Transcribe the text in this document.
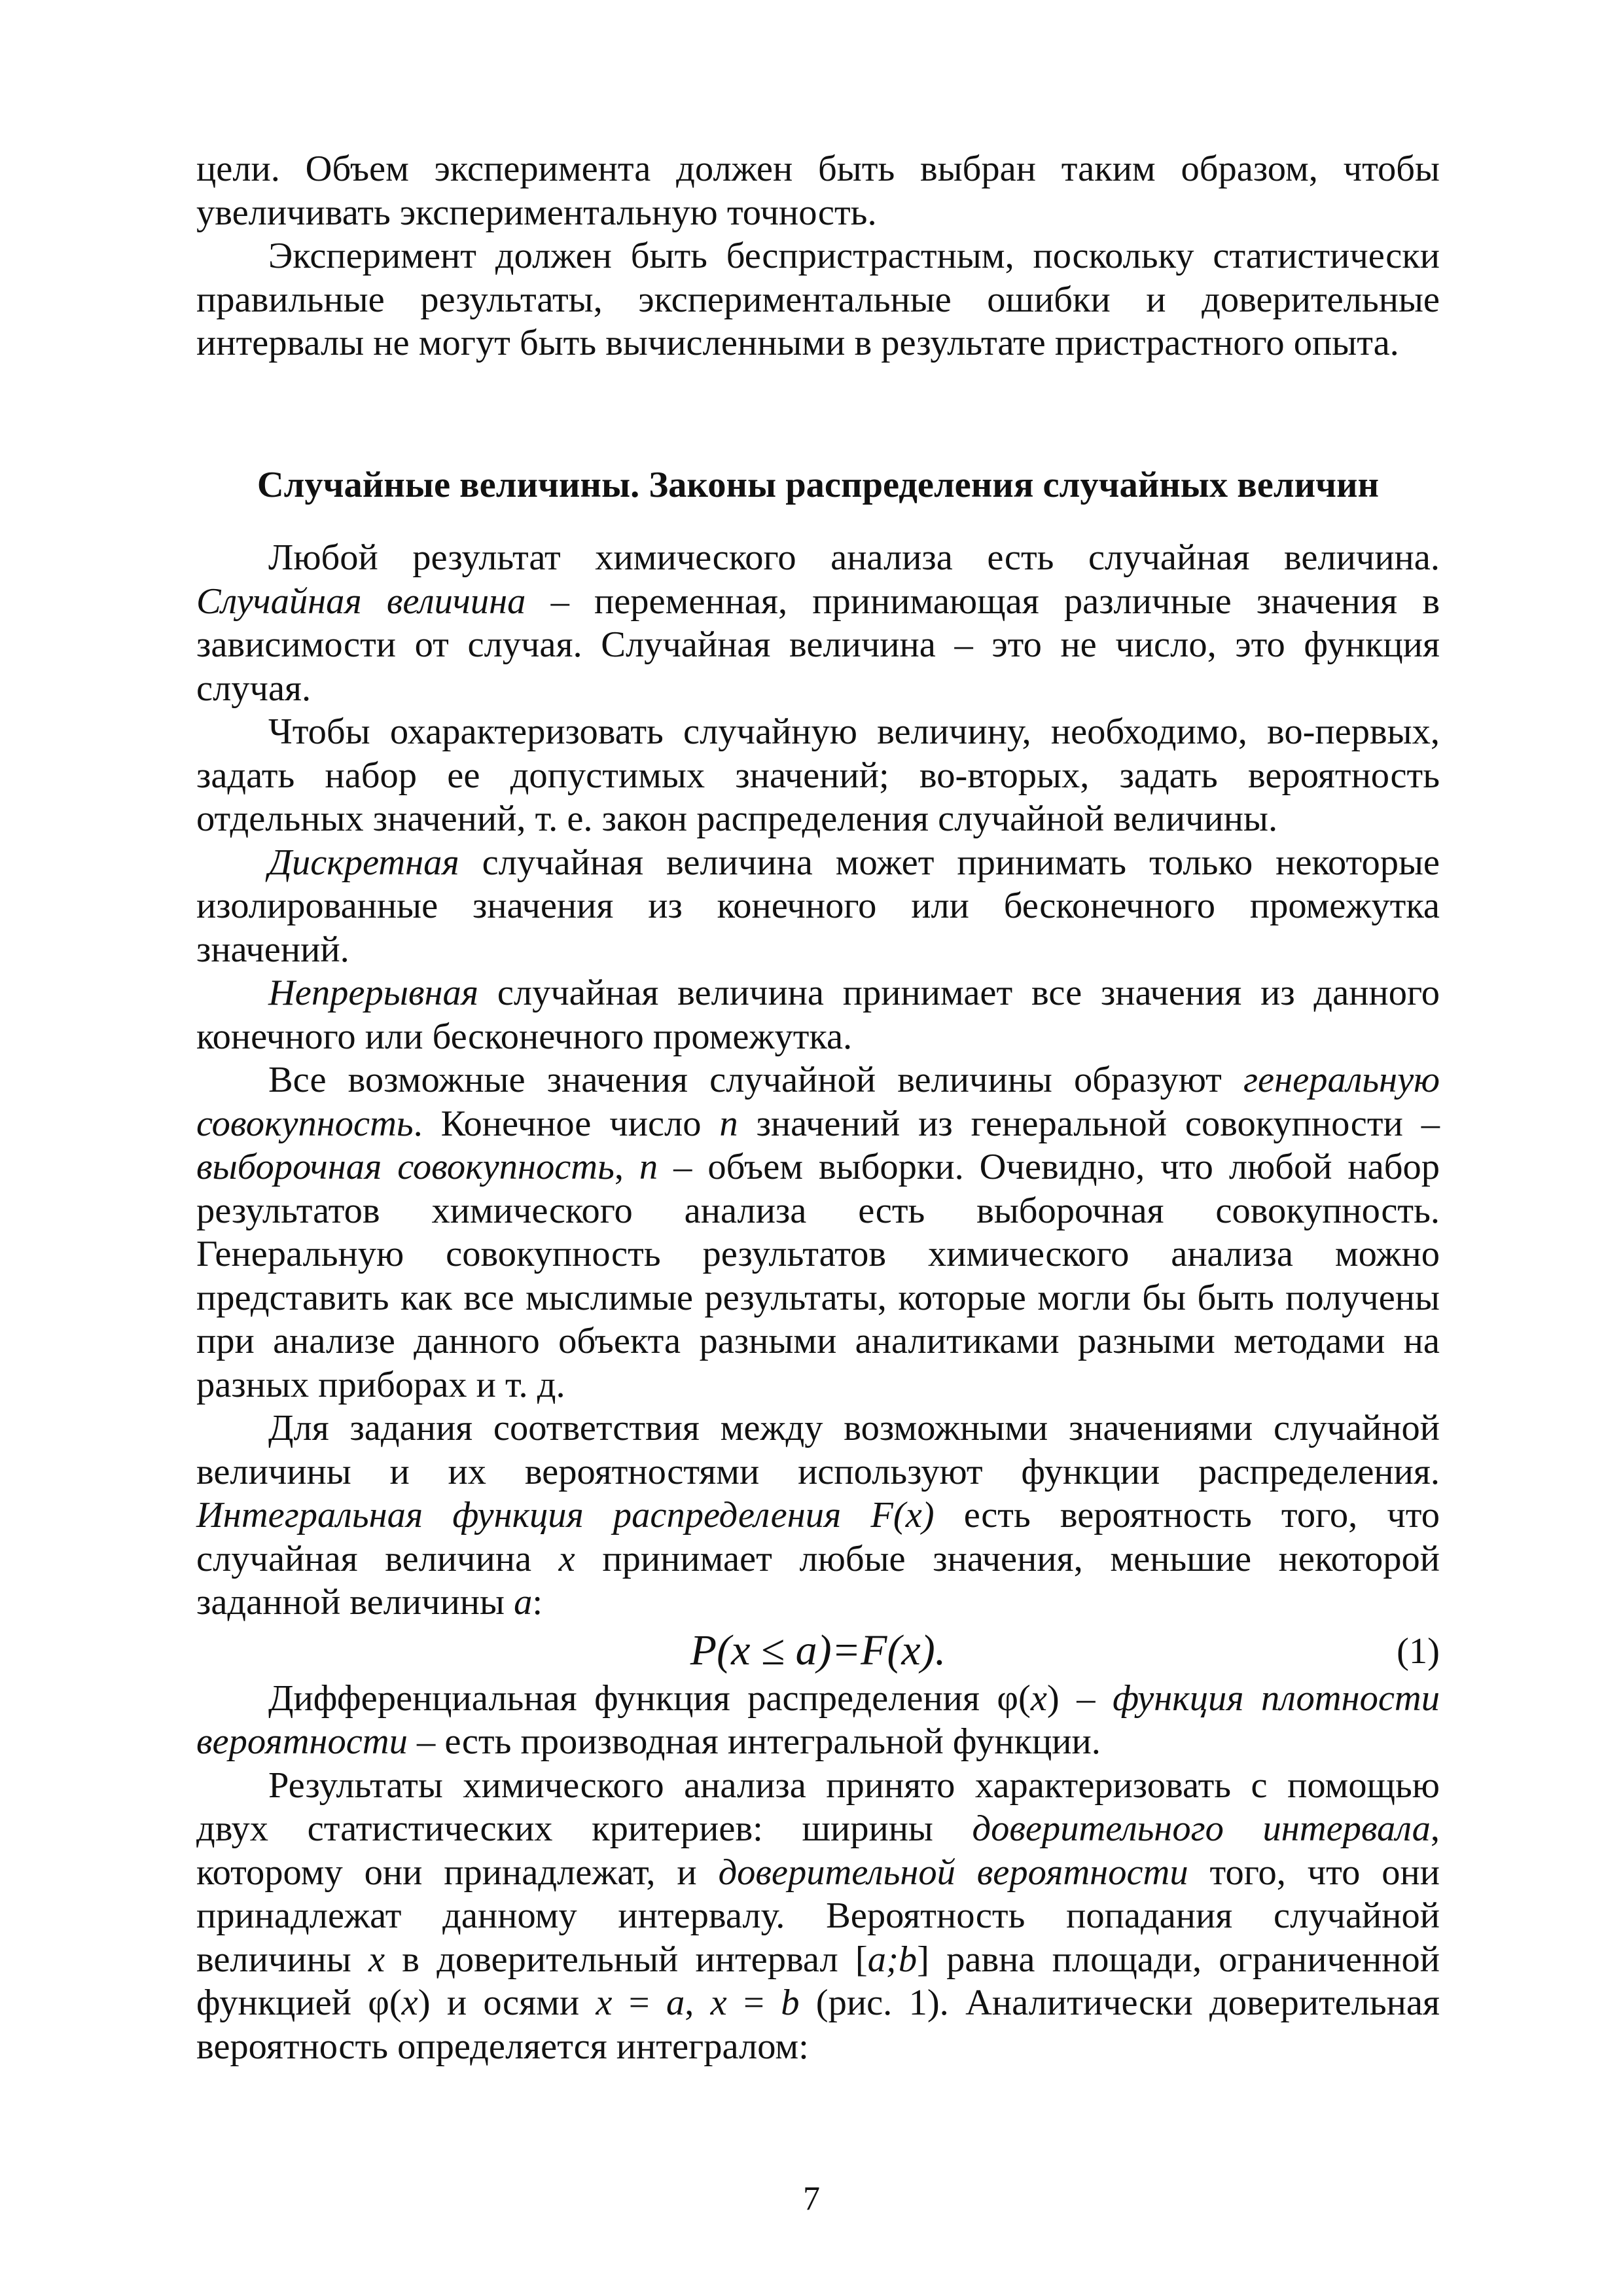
цели. Объем эксперимента должен быть выбран таким образом, чтобы увеличивать экспериментальную точность.

Эксперимент должен быть беспристрастным, поскольку статистически правильные результаты, экспериментальные ошибки и доверительные интервалы не могут быть вычисленными в результате пристрастного опыта.

Случайные величины. Законы распределения случайных величин

Любой результат химического анализа есть случайная величина. Случайная величина – переменная, принимающая различные значения в зависимости от случая. Случайная величина – это не число, это функция случая.

Чтобы охарактеризовать случайную величину, необходимо, во-первых, задать набор ее допустимых значений; во-вторых, задать вероятность отдельных значений, т. е. закон распределения случайной величины.

Дискретная случайная величина может принимать только некоторые изолированные значения из конечного или бесконечного промежутка значений.

Непрерывная случайная величина принимает все значения из данного конечного или бесконечного промежутка.

Все возможные значения случайной величины образуют генеральную совокупность. Конечное число n значений из генеральной совокупности – выборочная совокупность, n – объем выборки. Очевидно, что любой набор результатов химического анализа есть выборочная совокупность. Генеральную совокупность результатов химического анализа можно представить как все мыслимые результаты, которые могли бы быть получены при анализе данного объекта разными аналитиками разными методами на разных приборах и т. д.

Для задания соответствия между возможными значениями случайной величины и их вероятностями используют функции распределения. Интегральная функция распределения F(x) есть вероятность того, что случайная величина x принимает любые значения, меньшие некоторой заданной величины a:

P(x ≤ a)=F(x).	(1)

Дифференциальная функция распределения φ(x) – функция плотности вероятности – есть производная интегральной функции.

Результаты химического анализа принято характеризовать с помощью двух статистических критериев: ширины доверительного интервала, которому они принадлежат, и доверительной вероятности того, что они принадлежат данному интервалу. Вероятность попадания случайной величины x в доверительный интервал [a;b] равна площади, ограниченной функцией φ(x) и осями x = a, x = b (рис. 1). Аналитически доверительная вероятность определяется интегралом:

7
